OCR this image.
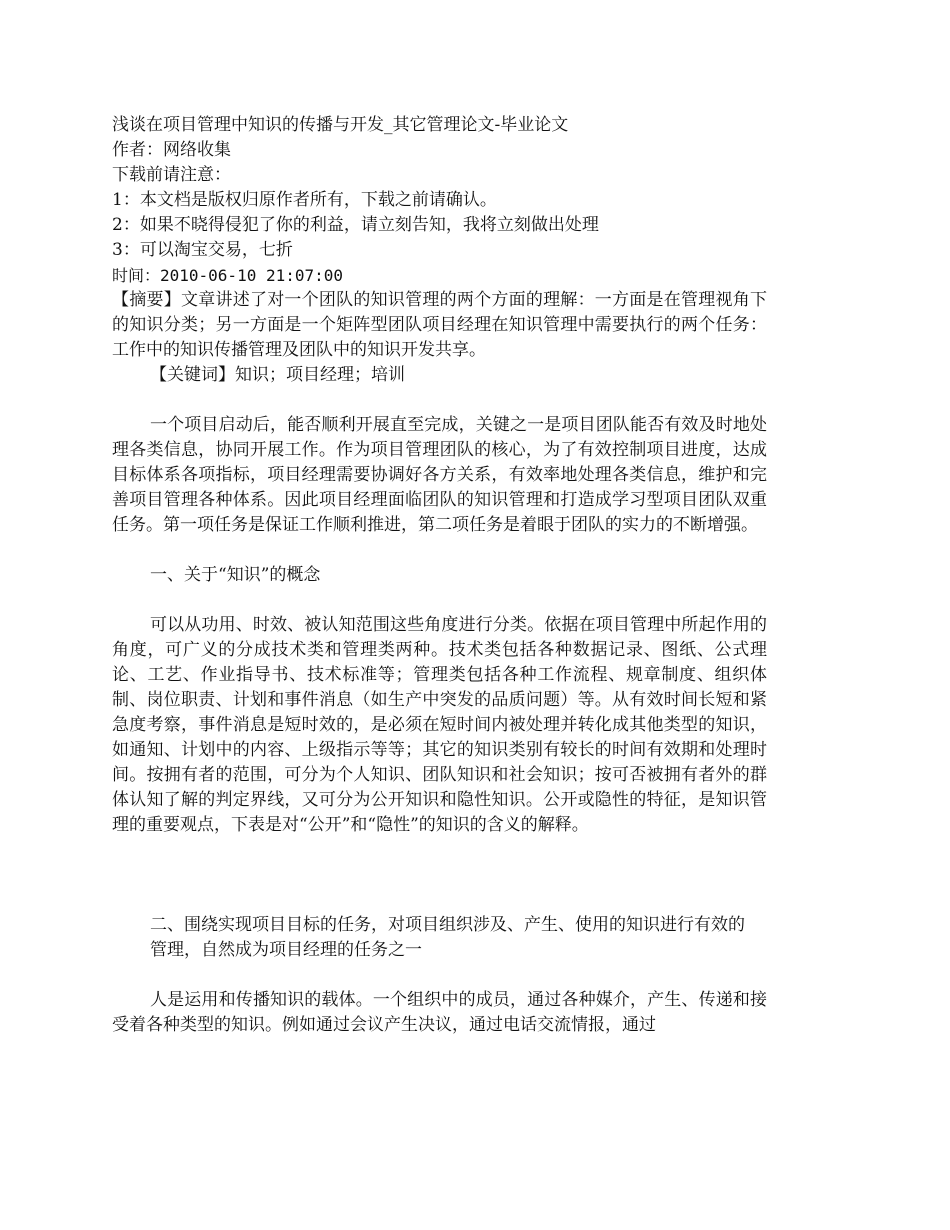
浅谈在项目管理中知识的传播与开发_其它管理论文-毕业论文
作者：网络收集
下载前请注意：
1：本文档是版权归原作者所有，下载之前请确认。
2：如果不晓得侵犯了你的利益，请立刻告知，我将立刻做出处理
3：可以淘宝交易，七折
时间：2010-06-10 21:07:00

【摘要】文章讲述了对一个团队的知识管理的两个方面的理解：一方面是在管理视角下的知识分类；另一方面是一个矩阵型团队项目经理在知识管理中需要执行的两个任务：工作中的知识传播管理及团队中的知识开发共享。

【关键词】知识；项目经理；培训

一个项目启动后，能否顺利开展直至完成，关键之一是项目团队能否有效及时地处理各类信息，协同开展工作。作为项目管理团队的核心，为了有效控制项目进度，达成目标体系各项指标，项目经理需要协调好各方关系，有效率地处理各类信息，维护和完善项目管理各种体系。因此项目经理面临团队的知识管理和打造成学习型项目团队双重任务。第一项任务是保证工作顺利推进，第二项任务是着眼于团队的实力的不断增强。

一、关于“知识”的概念

可以从功用、时效、被认知范围这些角度进行分类。依据在项目管理中所起作用的角度，可广义的分成技术类和管理类两种。技术类包括各种数据记录、图纸、公式理论、工艺、作业指导书、技术标准等；管理类包括各种工作流程、规章制度、组织体制、岗位职责、计划和事件消息（如生产中突发的品质问题）等。从有效时间长短和紧急度考察，事件消息是短时效的，是必须在短时间内被处理并转化成其他类型的知识，如通知、计划中的内容、上级指示等等；其它的知识类别有较长的时间有效期和处理时间。按拥有者的范围，可分为个人知识、团队知识和社会知识；按可否被拥有者外的群体认知了解的判定界线，又可分为公开知识和隐性知识。公开或隐性的特征，是知识管理的重要观点，下表是对“公开”和“隐性”的知识的含义的解释。

二、围绕实现项目目标的任务，对项目组织涉及、产生、使用的知识进行有效的

管理，自然成为项目经理的任务之一

人是运用和传播知识的载体。一个组织中的成员，通过各种媒介，产生、传递和接受着各种类型的知识。例如通过会议产生决议，通过电话交流情报，通过
